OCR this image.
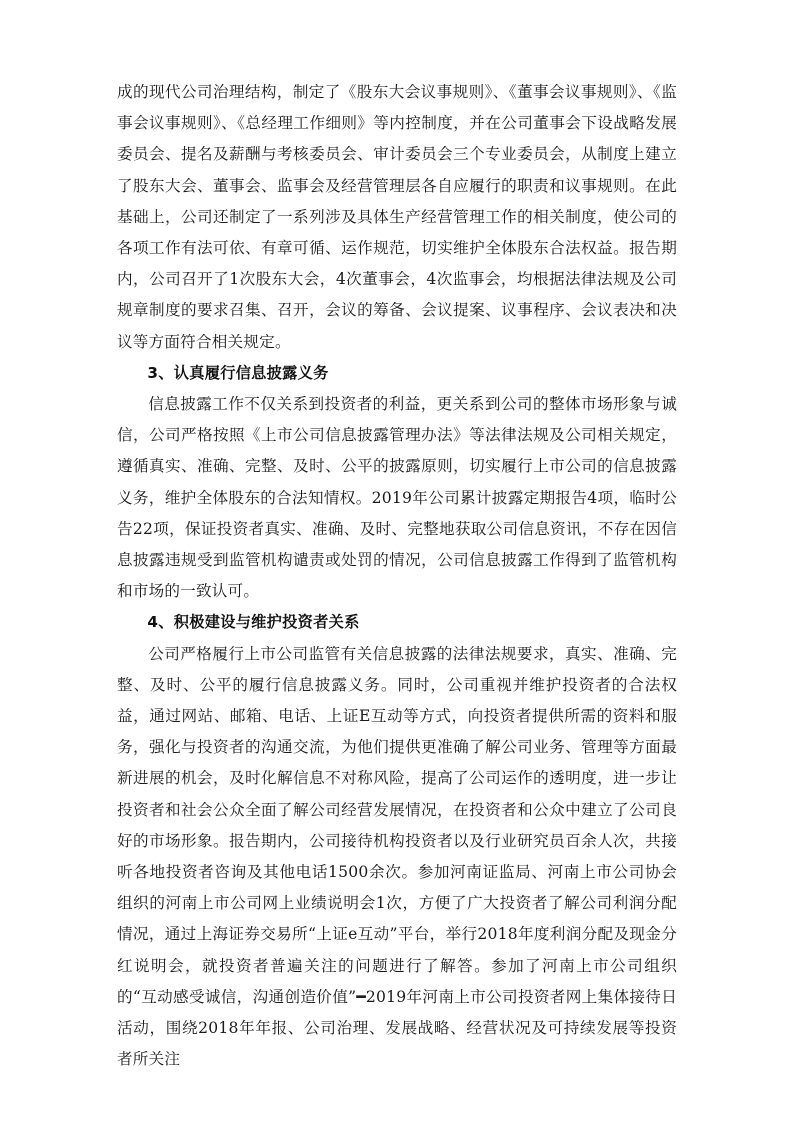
成的现代公司治理结构，制定了《股东大会议事规则》、《董事会议事规则》、《监事会议事规则》、《总经理工作细则》等内控制度，并在公司董事会下设战略发展委员会、提名及薪酬与考核委员会、审计委员会三个专业委员会，从制度上建立了股东大会、董事会、监事会及经营管理层各自应履行的职责和议事规则。在此基础上，公司还制定了一系列涉及具体生产经营管理工作的相关制度，使公司的各项工作有法可依、有章可循、运作规范，切实维护全体股东合法权益。报告期内，公司召开了1次股东大会，4次董事会，4次监事会，均根据法律法规及公司规章制度的要求召集、召开，会议的筹备、会议提案、议事程序、会议表决和决议等方面符合相关规定。

3、认真履行信息披露义务

信息披露工作不仅关系到投资者的利益，更关系到公司的整体市场形象与诚信，公司严格按照《上市公司信息披露管理办法》等法律法规及公司相关规定，遵循真实、准确、完整、及时、公平的披露原则，切实履行上市公司的信息披露义务，维护全体股东的合法知情权。2019年公司累计披露定期报告4项，临时公告22项，保证投资者真实、准确、及时、完整地获取公司信息资讯，不存在因信息披露违规受到监管机构谴责或处罚的情况，公司信息披露工作得到了监管机构和市场的一致认可。

4、积极建设与维护投资者关系

公司严格履行上市公司监管有关信息披露的法律法规要求，真实、准确、完整、及时、公平的履行信息披露义务。同时，公司重视并维护投资者的合法权益，通过网站、邮箱、电话、上证E互动等方式，向投资者提供所需的资料和服务，强化与投资者的沟通交流，为他们提供更准确了解公司业务、管理等方面最新进展的机会，及时化解信息不对称风险，提高了公司运作的透明度，进一步让投资者和社会公众全面了解公司经营发展情况，在投资者和公众中建立了公司良好的市场形象。报告期内，公司接待机构投资者以及行业研究员百余人次，共接听各地投资者咨询及其他电话1500余次。参加河南证监局、河南上市公司协会组织的河南上市公司网上业绩说明会1次，方便了广大投资者了解公司利润分配情况，通过上海证券交易所“上证e互动”平台，举行2018年度利润分配及现金分红说明会，就投资者普遍关注的问题进行了解答。参加了河南上市公司组织的“互动感受诚信，沟通创造价值”━2019年河南上市公司投资者网上集体接待日活动，围绕2018年年报、公司治理、发展战略、经营状况及可持续发展等投资者所关注
